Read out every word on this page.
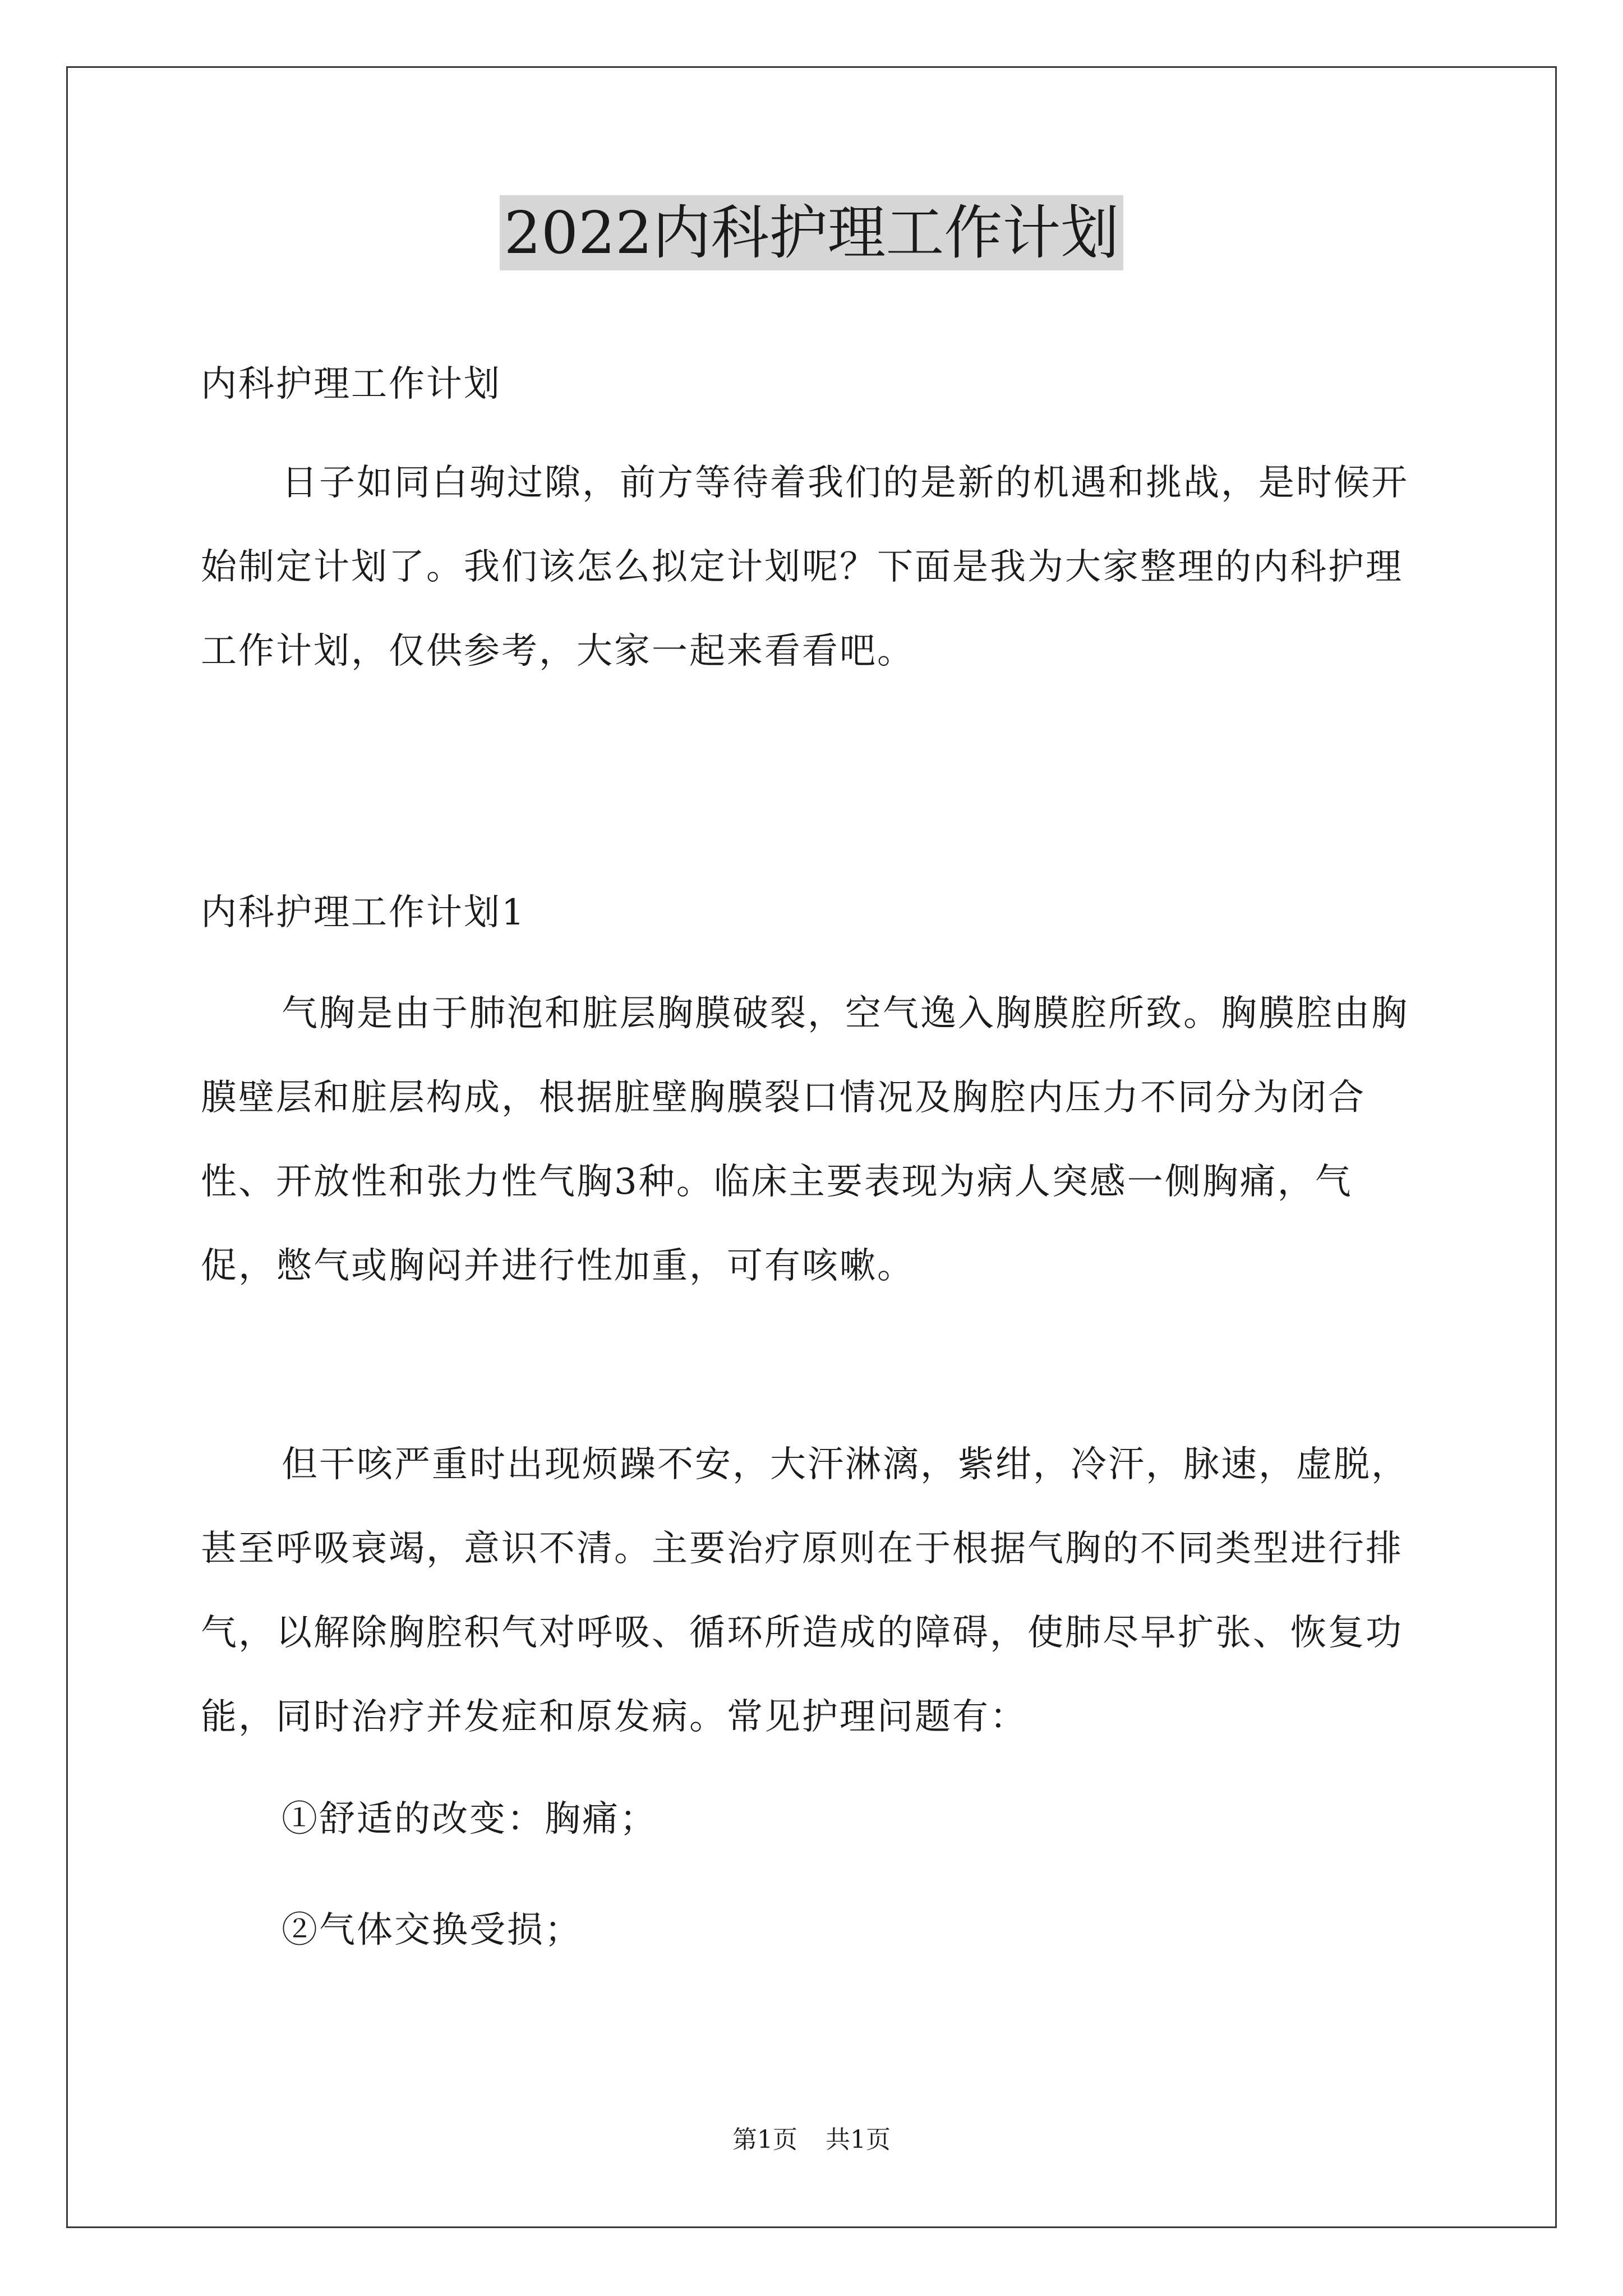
2022内科护理工作计划

内科护理工作计划

日子如同白驹过隙，前方等待着我们的是新的机遇和挑战，是时候开始制定计划了。我们该怎么拟定计划呢？下面是我为大家整理的内科护理工作计划，仅供参考，大家一起来看看吧。

内科护理工作计划1

气胸是由于肺泡和脏层胸膜破裂，空气逸入胸膜腔所致。胸膜腔由胸膜壁层和脏层构成，根据脏壁胸膜裂口情况及胸腔内压力不同分为闭合性、开放性和张力性气胸3种。临床主要表现为病人突感一侧胸痛，气促，憋气或胸闷并进行性加重，可有咳嗽。

但干咳严重时出现烦躁不安，大汗淋漓，紫绀，冷汗，脉速，虚脱，甚至呼吸衰竭，意识不清。主要治疗原则在于根据气胸的不同类型进行排气，以解除胸腔积气对呼吸、循环所造成的障碍，使肺尽早扩张、恢复功能，同时治疗并发症和原发病。常见护理问题有：

①舒适的改变：胸痛；

②气体交换受损；

第1页 共1页
